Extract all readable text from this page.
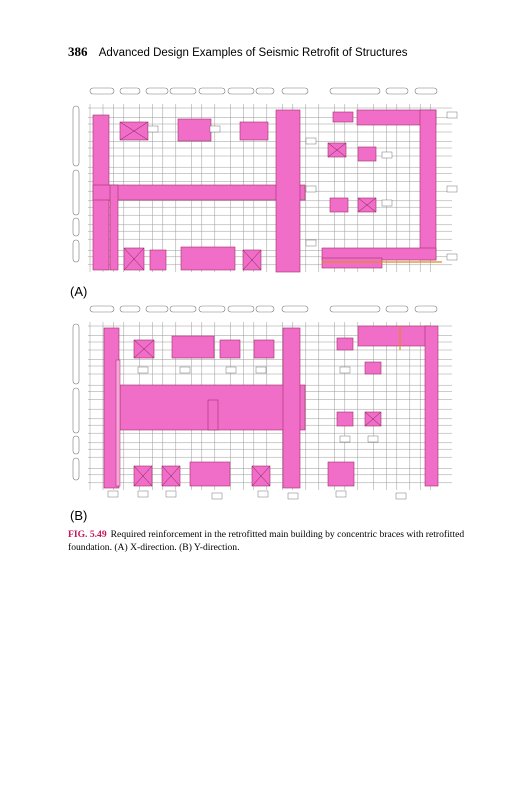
386 Advanced Design Examples of Seismic Retrofit of Structures
(A)
(B)
FIG. 5.49 Required reinforcement in the retrofitted main building by concentric braces with retrofitted foundation. (A) X-direction. (B) Y-direction.
